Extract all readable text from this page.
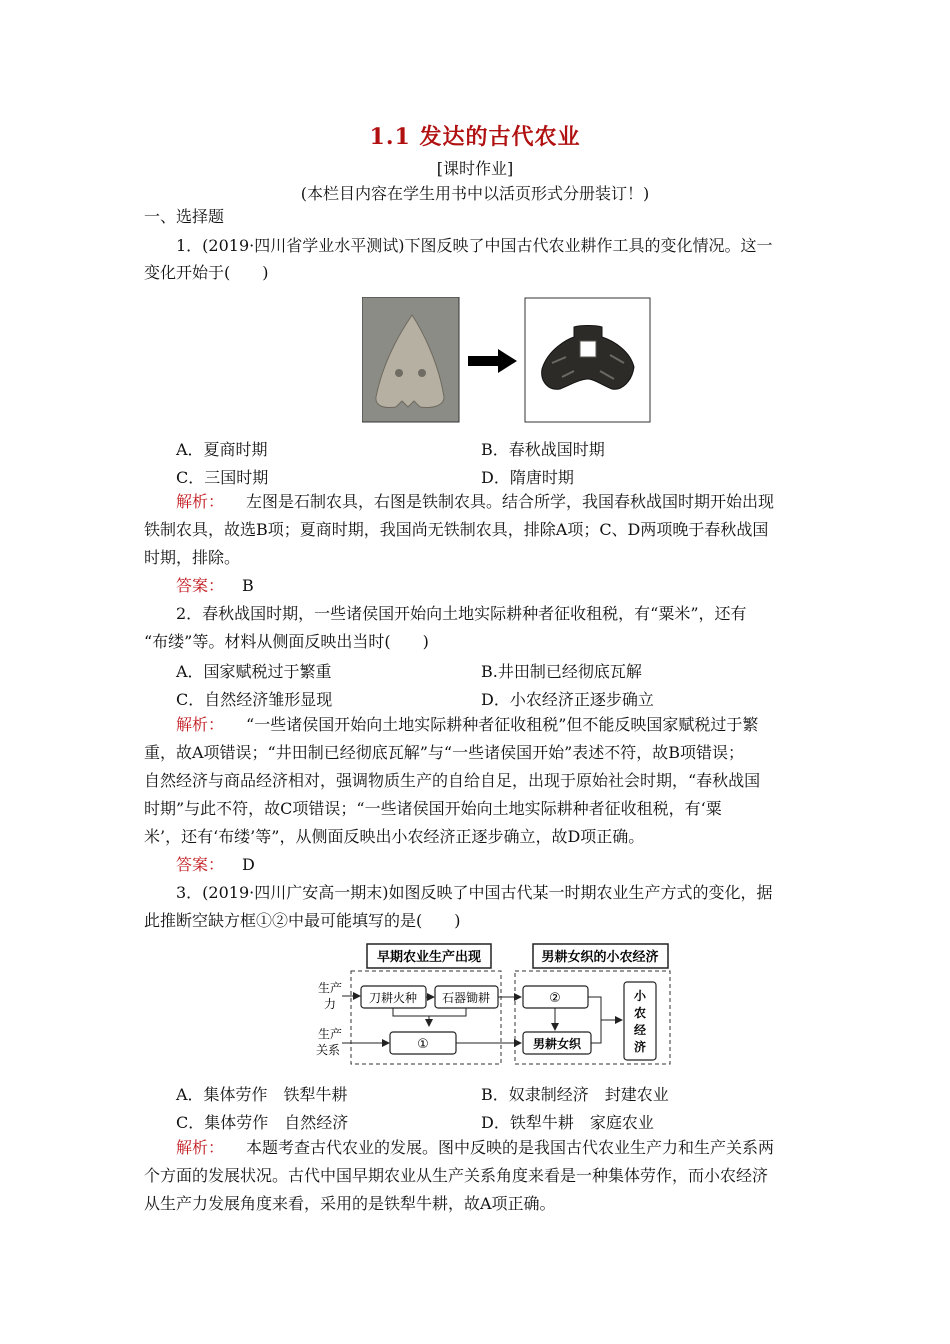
1.1 发达的古代农业
[课时作业]
(本栏目内容在学生用书中以活页形式分册装订！)
一、选择题
1．(2019·四川省学业水平测试)下图反映了中国古代农业耕作工具的变化情况。这一
变化开始于(　　)
A．夏商时期	B．春秋战国时期
C．三国时期	D．隋唐时期
解析： 左图是石制农具，右图是铁制农具。结合所学，我国春秋战国时期开始出现
铁制农具，故选B项；夏商时期，我国尚无铁制农具，排除A项；C、D两项晚于春秋战国
时期，排除。
答案： B
2．春秋战国时期，一些诸侯国开始向土地实际耕种者征收租税，有“粟米”，还有
“布缕”等。材料从侧面反映出当时(　　)
A．国家赋税过于繁重	B.井田制已经彻底瓦解
C．自然经济雏形显现	D．小农经济正逐步确立
解析： “一些诸侯国开始向土地实际耕种者征收租税”但不能反映国家赋税过于繁
重，故A项错误；“井田制已经彻底瓦解”与“一些诸侯国开始”表述不符，故B项错误；
自然经济与商品经济相对，强调物质生产的自给自足，出现于原始社会时期，“春秋战国
时期”与此不符，故C项错误；“一些诸侯国开始向土地实际耕种者征收租税，有‘粟
米’，还有‘布缕’等”，从侧面反映出小农经济正逐步确立，故D项正确。
答案： D
3．(2019·四川广安高一期末)如图反映了中国古代某一时期农业生产方式的变化，据
此推断空缺方框①②中最可能填写的是(　　)
早期农业生产出现	男耕女织的小农经济
生产
力
生产
关系
刀耕火种 石器锄耕	②
①	男耕女织
小
农
经
济
A．集体劳作　铁犁牛耕	B．奴隶制经济　封建农业
C．集体劳作　自然经济	D．铁犁牛耕　家庭农业
解析： 本题考查古代农业的发展。图中反映的是我国古代农业生产力和生产关系两
个方面的发展状况。古代中国早期农业从生产关系角度来看是一种集体劳作，而小农经济
从生产力发展角度来看，采用的是铁犁牛耕，故A项正确。
